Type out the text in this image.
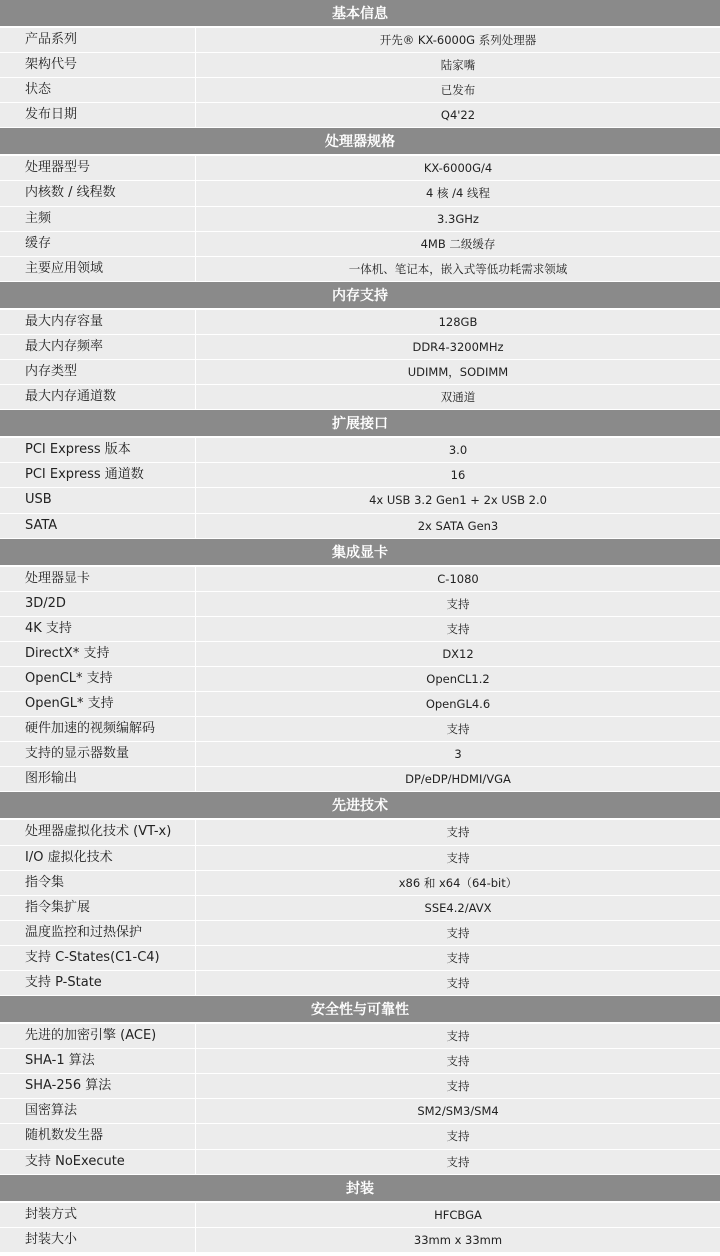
基本信息
产品系列	开先® KX-6000G 系列处理器
架构代号	陆家嘴
状态	已发布
发布日期	Q4'22
处理器规格
处理器型号	KX-6000G/4
内核数 / 线程数	4 核 /4 线程
主频	3.3GHz
缓存	4MB 二级缓存
主要应用领域	一体机、笔记本，嵌入式等低功耗需求领域
内存支持
最大内存容量	128GB
最大内存频率	DDR4-3200MHz
内存类型	UDIMM，SODIMM
最大内存通道数	双通道
扩展接口
PCI Express 版本	3.0
PCI Express 通道数	16
USB	4x USB 3.2 Gen1 + 2x USB 2.0
SATA	2x SATA Gen3
集成显卡
处理器显卡	C-1080
3D/2D	支持
4K 支持	支持
DirectX* 支持	DX12
OpenCL* 支持	OpenCL1.2
OpenGL* 支持	OpenGL4.6
硬件加速的视频编解码	支持
支持的显示器数量	3
图形输出	DP/eDP/HDMI/VGA
先进技术
处理器虚拟化技术 (VT-x)	支持
I/O 虚拟化技术	支持
指令集	x86 和 x64（64-bit）
指令集扩展	SSE4.2/AVX
温度监控和过热保护	支持
支持 C-States(C1-C4)	支持
支持 P-State	支持
安全性与可靠性
先进的加密引擎 (ACE)	支持
SHA-1 算法	支持
SHA-256 算法	支持
国密算法	SM2/SM3/SM4
随机数发生器	支持
支持 NoExecute	支持
封装
封装方式	HFCBGA
封装大小	33mm x 33mm
